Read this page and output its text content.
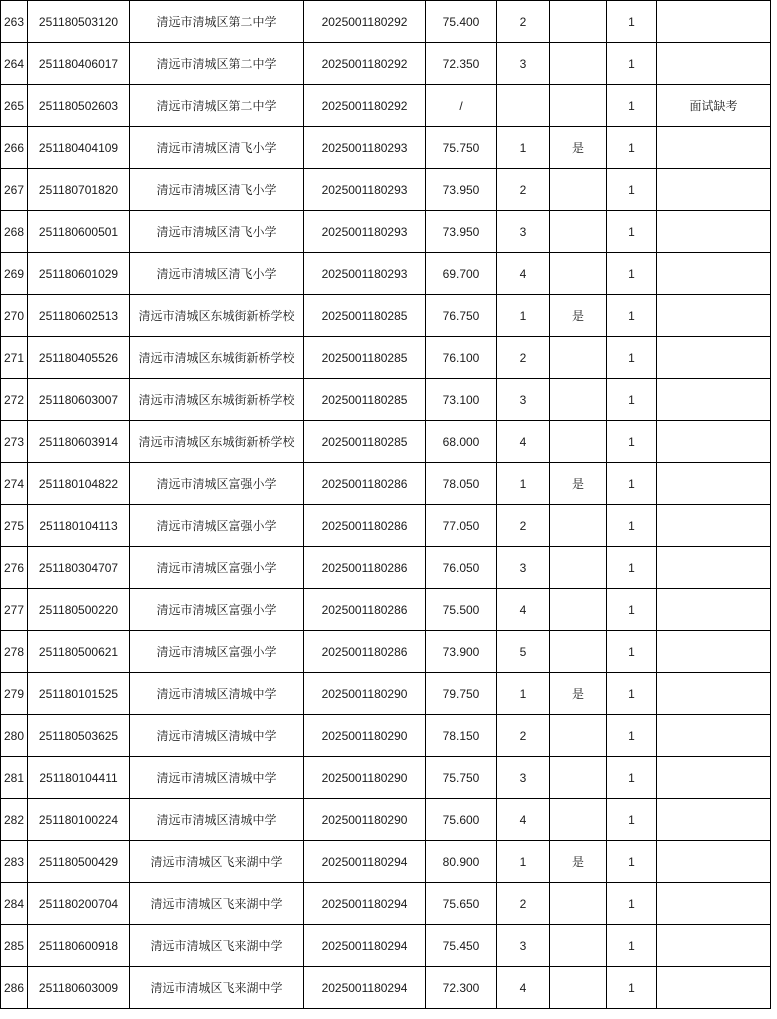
263	251180503120	清远市清城区第二中学	2025001180292	75.400	2		1	
264	251180406017	清远市清城区第二中学	2025001180292	72.350	3		1	
265	251180502603	清远市清城区第二中学	2025001180292	/			1	面试缺考
266	251180404109	清远市清城区清飞小学	2025001180293	75.750	1	是	1	
267	251180701820	清远市清城区清飞小学	2025001180293	73.950	2		1	
268	251180600501	清远市清城区清飞小学	2025001180293	73.950	3		1	
269	251180601029	清远市清城区清飞小学	2025001180293	69.700	4		1	
270	251180602513	清远市清城区东城街新桥学校	2025001180285	76.750	1	是	1	
271	251180405526	清远市清城区东城街新桥学校	2025001180285	76.100	2		1	
272	251180603007	清远市清城区东城街新桥学校	2025001180285	73.100	3		1	
273	251180603914	清远市清城区东城街新桥学校	2025001180285	68.000	4		1	
274	251180104822	清远市清城区富强小学	2025001180286	78.050	1	是	1	
275	251180104113	清远市清城区富强小学	2025001180286	77.050	2		1	
276	251180304707	清远市清城区富强小学	2025001180286	76.050	3		1	
277	251180500220	清远市清城区富强小学	2025001180286	75.500	4		1	
278	251180500621	清远市清城区富强小学	2025001180286	73.900	5		1	
279	251180101525	清远市清城区清城中学	2025001180290	79.750	1	是	1	
280	251180503625	清远市清城区清城中学	2025001180290	78.150	2		1	
281	251180104411	清远市清城区清城中学	2025001180290	75.750	3		1	
282	251180100224	清远市清城区清城中学	2025001180290	75.600	4		1	
283	251180500429	清远市清城区飞来湖中学	2025001180294	80.900	1	是	1	
284	251180200704	清远市清城区飞来湖中学	2025001180294	75.650	2		1	
285	251180600918	清远市清城区飞来湖中学	2025001180294	75.450	3		1	
286	251180603009	清远市清城区飞来湖中学	2025001180294	72.300	4		1	
